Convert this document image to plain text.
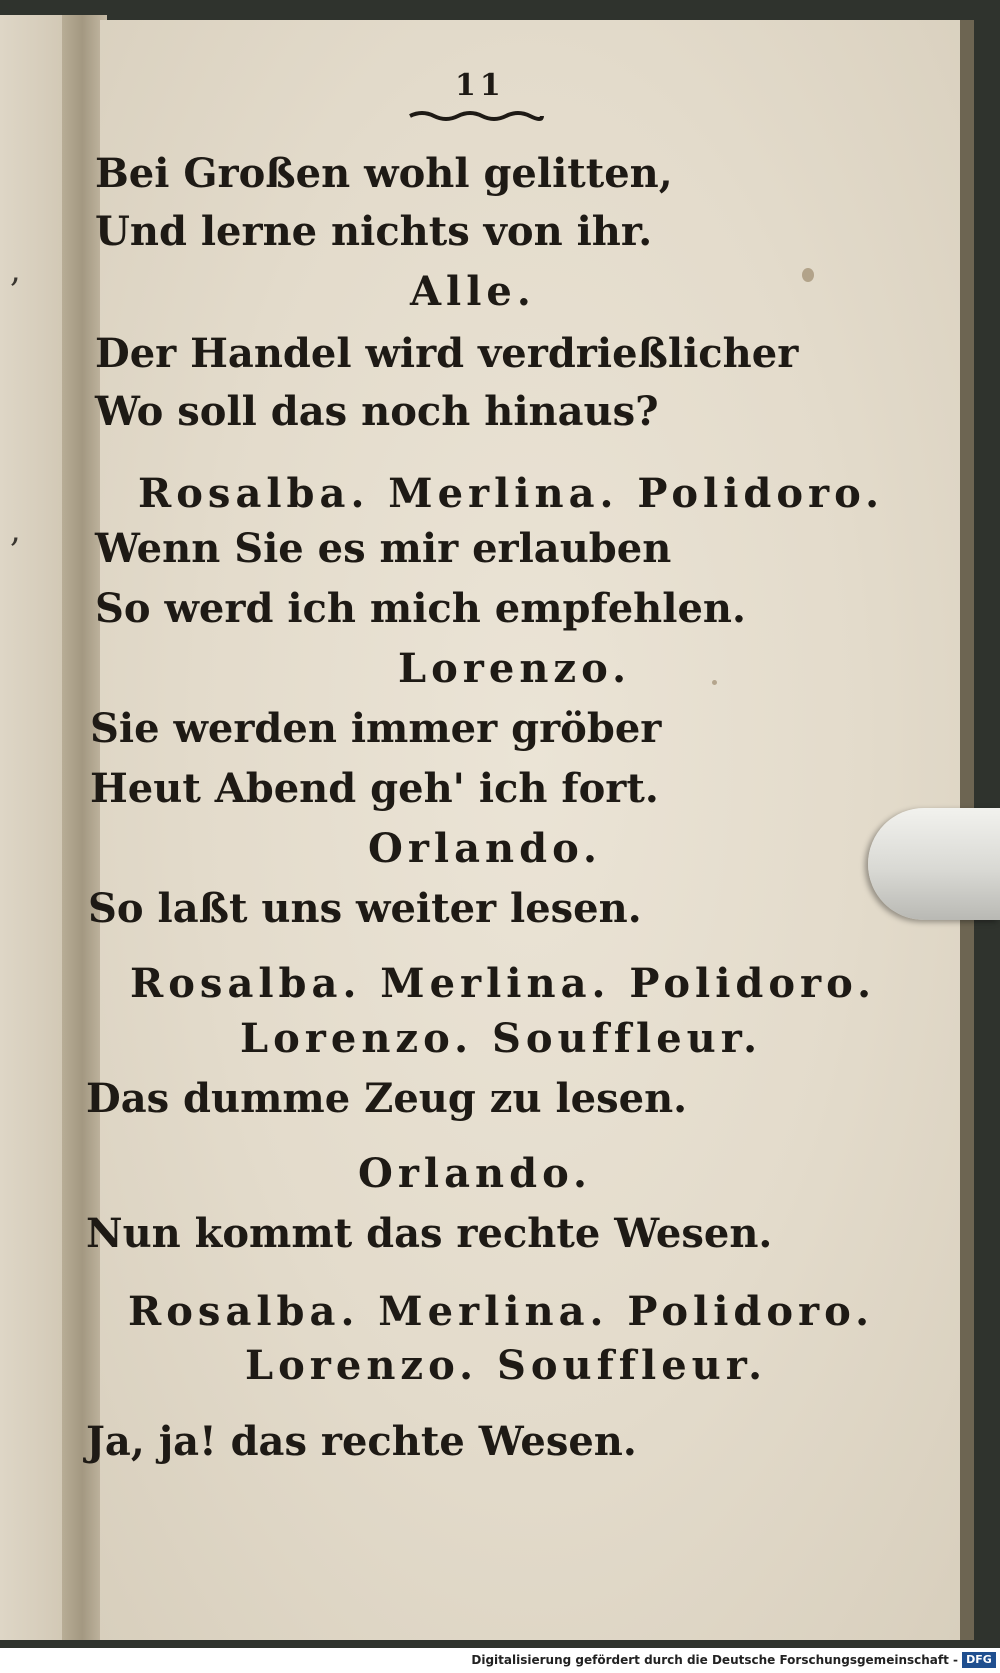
,
,
11
Bei Großen wohl gelitten,
Und lerne nichts von ihr.
Alle.
Der Handel wird verdrießlicher
Wo soll das noch hinaus?
Rosalba. Merlina. Polidoro.
Wenn Sie es mir erlauben
So werd ich mich empfehlen.
Lorenzo.
Sie werden immer gröber
Heut Abend geh' ich fort.
Orlando.
So laßt uns weiter lesen.
Rosalba. Merlina. Polidoro.
Lorenzo. Souffleur.
Das dumme Zeug zu lesen.
Orlando.
Nun kommt das rechte Wesen.
Rosalba. Merlina. Polidoro.
Lorenzo. Souffleur.
Ja, ja! das rechte Wesen.
Digitalisierung gefördert durch die Deutsche Forschungsgemeinschaft - DFG
